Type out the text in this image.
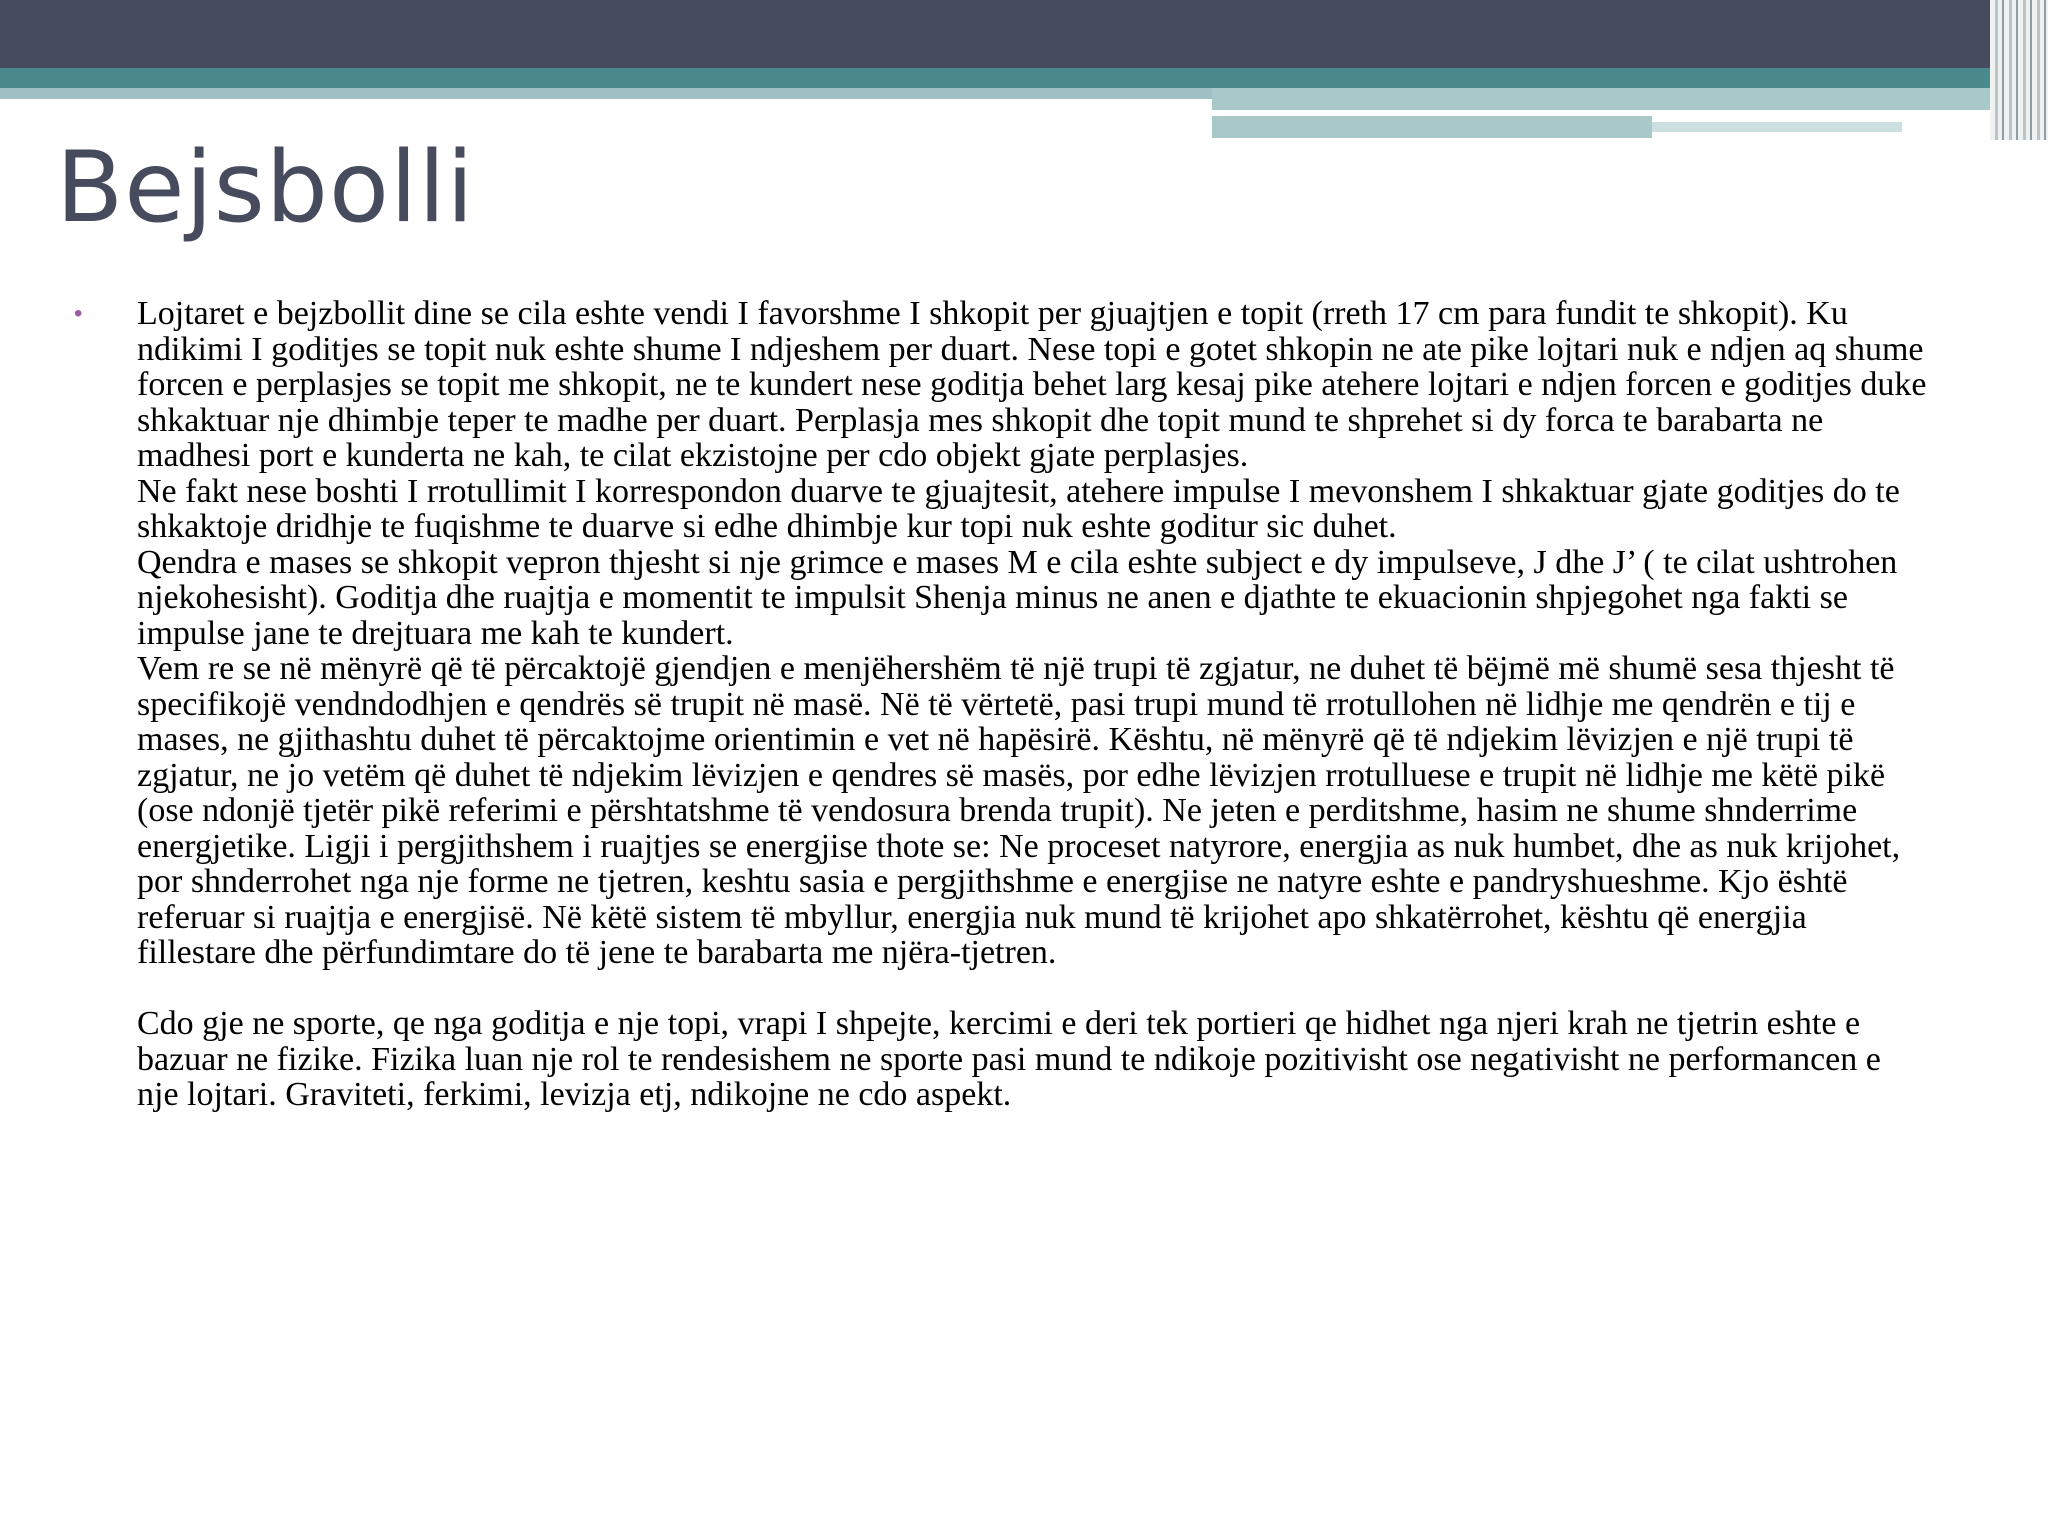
Bejsbolli
•	Lojtaret e bejzbollit dine se cila eshte vendi I favorshme I shkopit per gjuajtjen e topit (rreth 17 cm para fundit te shkopit). Ku ndikimi I goditjes se topit nuk eshte shume I ndjeshem per duart. Nese topi e gotet shkopin ne ate pike lojtari nuk e ndjen aq shume forcen e perplasjes se topit me shkopit, ne te kundert nese goditja behet larg kesaj pike atehere lojtari e ndjen forcen e goditjes duke shkaktuar nje dhimbje teper te madhe per duart. Perplasja mes shkopit dhe topit mund te shprehet si dy forca te barabarta ne madhesi port e kunderta ne kah, te cilat ekzistojne per cdo objekt gjate perplasjes.

Ne fakt nese boshti I rrotullimit I korrespondon duarve te gjuajtesit, atehere impulse I mevonshem I shkaktuar gjate goditjes do te shkaktoje dridhje te fuqishme te duarve si edhe dhimbje kur topi nuk eshte goditur sic duhet.

Qendra e mases se shkopit vepron thjesht si nje grimce e mases M e cila eshte subject e dy impulseve, J dhe J’ ( te cilat ushtrohen njekohesisht). Goditja dhe ruajtja e momentit te impulsit Shenja minus ne anen e djathte te ekuacionin shpjegohet nga fakti se impulse jane te drejtuara me kah te kundert.

Vem re se në mënyrë që të përcaktojë gjendjen e menjëhershëm të një trupi të zgjatur, ne duhet të bëjmë më shumë sesa thjesht të specifikojë vendndodhjen e qendrës së trupit në masë. Në të vërtetë, pasi trupi mund të rrotullohen në lidhje me qendrën e tij e mases, ne gjithashtu duhet të përcaktojme orientimin e vet në hapësirë. Kështu, në mënyrë që të ndjekim lëvizjen e një trupi të zgjatur, ne jo vetëm që duhet të ndjekim lëvizjen e qendres së masës, por edhe lëvizjen rrotulluese e trupit në lidhje me këtë pikë (ose ndonjë tjetër pikë referimi e përshtatshme të vendosura brenda trupit). Ne jeten e perditshme, hasim ne shume shnderrime energjetike. Ligji i pergjithshem i ruajtjes se energjise thote se: Ne proceset natyrore, energjia as nuk humbet, dhe as nuk krijohet, por shnderrohet nga nje forme ne tjetren, keshtu sasia e pergjithshme e energjise ne natyre eshte e pandryshueshme. Kjo është referuar si ruajtja e energjisë. Në këtë sistem të mbyllur, energjia nuk mund të krijohet apo shkatërrohet, kështu që energjia fillestare dhe përfundimtare do të jene te barabarta me njëra-tjetren.

Cdo gje ne sporte, qe nga goditja e nje topi, vrapi I shpejte, kercimi e deri tek portieri qe hidhet nga njeri krah ne tjetrin eshte e bazuar ne fizike. Fizika luan nje rol te rendesishem ne sporte pasi mund te ndikoje pozitivisht ose negativisht ne performancen e nje lojtari. Graviteti, ferkimi, levizja etj, ndikojne ne cdo aspekt.
